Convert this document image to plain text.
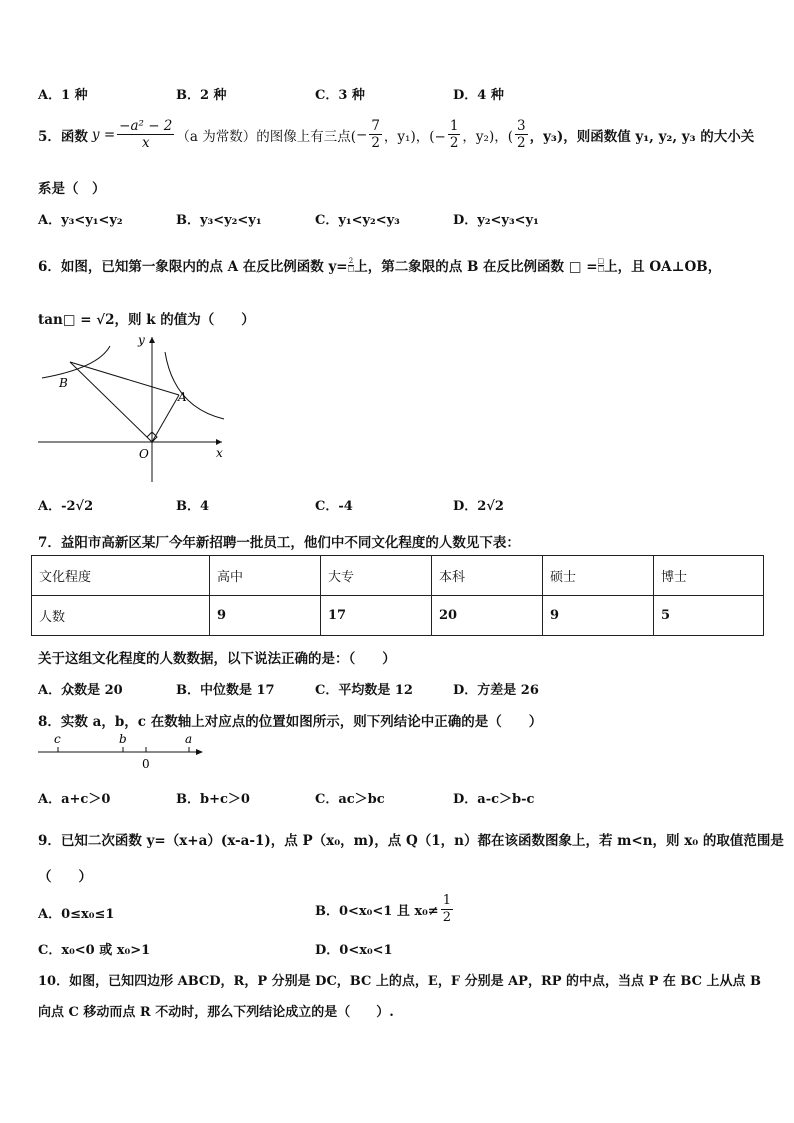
A．1 种	B．2 种	C．3 种	D．4 种
5．函数 $y = \frac{\text{−a² − 2}}{x} (a$ 为常数）的图像上有三点( − $\frac{7}{2}$ ，y₁)，(− $\frac{1}{2}$ ，y₂)，( $\frac{3}{2}$ ，y₃)，则函数值 y₁, y₂, y₃ 的大小关
系是（　）
A．y₃<y₁<y₂	B．y₃<y₂<y₁	C．y₁<y₂<y₃	D．y₂<y₃<y₁
6．如图，已知第一象限内的点 A 在反比例函数 $y= \frac{2}{□}$ 上，第二象限的点 B 在反比例函数 □ = $\frac{□}{□}$ 上，且 OA⊥OB，
tan□ = √2，则 k 的值为（　　）
y
x
O
A
B
A．-2√2	B．4	C．-4	D．2√2
7．益阳市高新区某厂今年新招聘一批员工，他们中不同文化程度的人数见下表：
文化程度	高中	大专	本科	硕士	博士
人数	9	17	20	9	5
关于这组文化程度的人数数据，以下说法正确的是：（　　）
A．众数是 20	B．中位数是 17	C．平均数是 12	D．方差是 26
8．实数 a，b，c 在数轴上对应点的位置如图所示，则下列结论中正确的是（　　）
c	b	a
0
A．a+c＞0	B．b+c＞0	C．ac＞bc	D．a-c＞b-c
9．已知二次函数 y=（x+a）(x-a-1)，点 P（x₀，m)，点 Q（1，n）都在该函数图象上，若 m<n，则 x₀ 的取值范围是
（　　）
A．0≤x₀≤1	B．0<x₀<1 且 $x_0\ne \frac{1}{2}$
C．x₀<0 或 x₀>1	D．0<x₀<1
10．如图，已知四边形 ABCD，R，P 分别是 DC，BC 上的点，E，F 分别是 AP，RP 的中点，当点 P 在 BC 上从点 B
向点 C 移动而点 R 不动时，那么下列结论成立的是（　　）.
